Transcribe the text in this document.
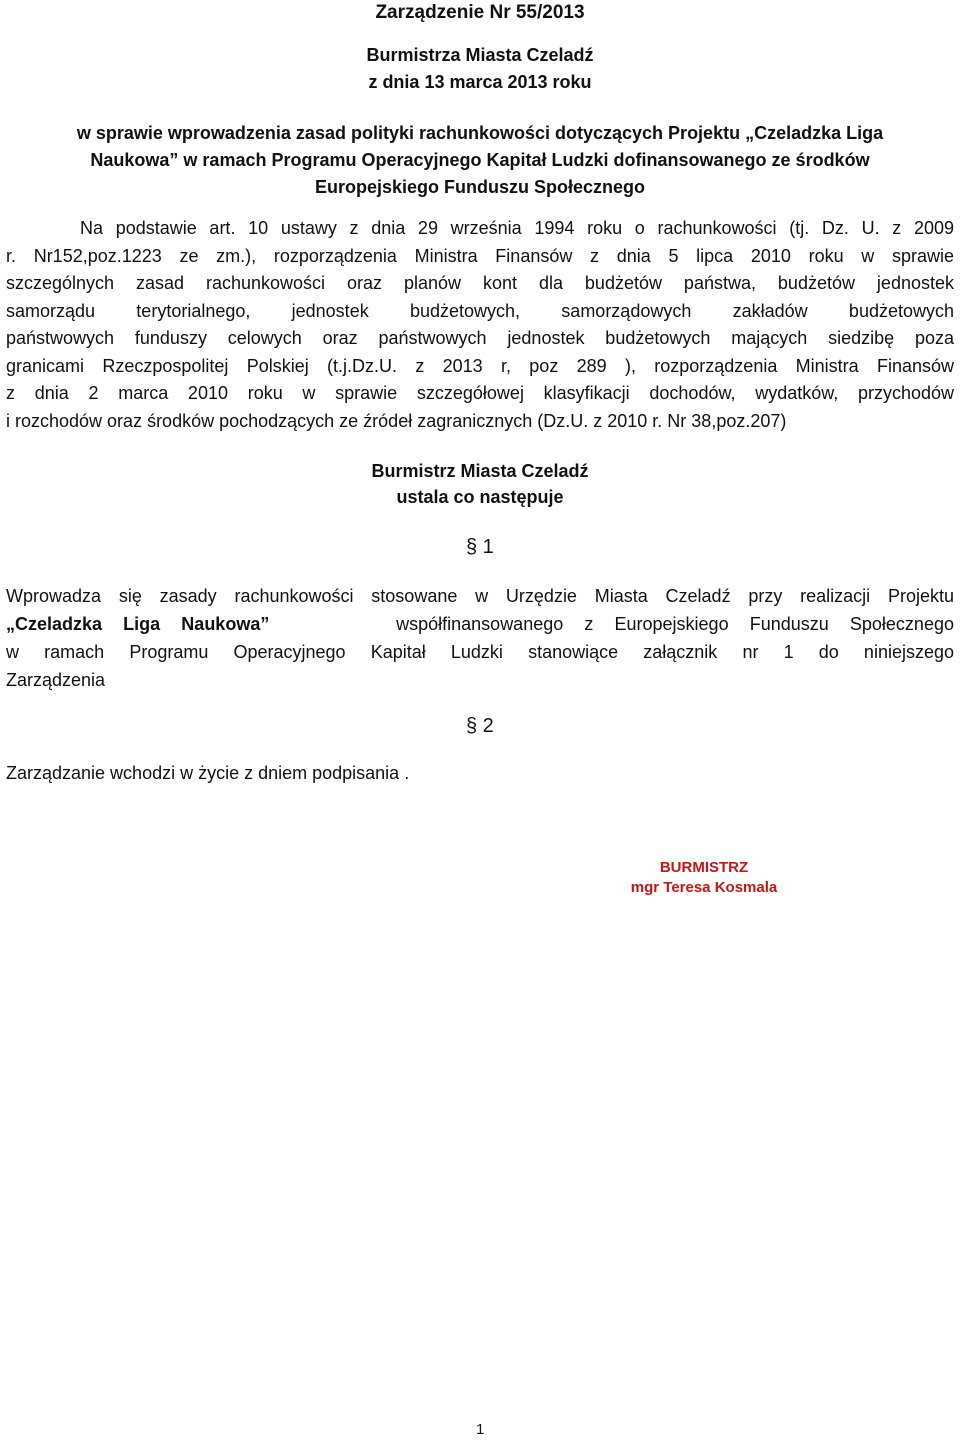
Zarządzenie Nr 55/2013
Burmistrza Miasta Czeladź
z dnia 13 marca 2013 roku
w sprawie wprowadzenia zasad polityki rachunkowości dotyczących Projektu „Czeladzka Liga
Naukowa” w ramach Programu Operacyjnego Kapitał Ludzki dofinansowanego ze środków
Europejskiego Funduszu Społecznego
Na podstawie art. 10 ustawy z dnia 29 września 1994 roku o rachunkowości (tj. Dz. U. z 2009
r. Nr152,poz.1223 ze zm.), rozporządzenia Ministra Finansów z dnia 5 lipca 2010 roku w sprawie
szczególnych zasad rachunkowości oraz planów kont dla budżetów państwa, budżetów jednostek
samorządu terytorialnego, jednostek budżetowych, samorządowych zakładów budżetowych
państwowych funduszy celowych oraz państwowych jednostek budżetowych mających siedzibę poza
granicami Rzeczpospolitej Polskiej (t.j.Dz.U. z 2013 r, poz 289 ), rozporządzenia Ministra Finansów
z dnia 2 marca 2010 roku w sprawie szczegółowej klasyfikacji dochodów, wydatków, przychodów
i rozchodów oraz środków pochodzących ze źródeł zagranicznych (Dz.U. z 2010 r. Nr 38,poz.207)
Burmistrz Miasta Czeladź
ustala co następuje
§ 1
Wprowadza się zasady rachunkowości stosowane w Urzędzie Miasta Czeladź przy realizacji Projektu
„Czeladzka Liga Naukowa”	współfinansowanego z Europejskiego Funduszu Społecznego
w ramach Programu Operacyjnego Kapitał Ludzki stanowiące załącznik nr 1 do niniejszego
Zarządzenia
§ 2
Zarządzanie wchodzi w życie z dniem podpisania .
BURMISTRZ
mgr Teresa Kosmala
1
